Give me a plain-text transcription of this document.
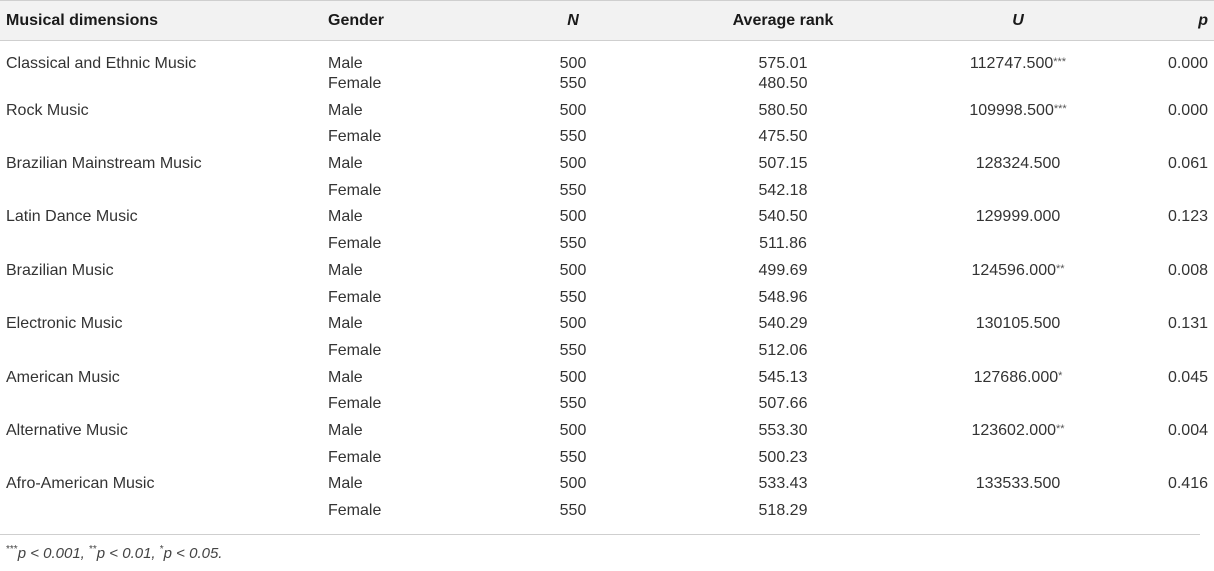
Musical dimensions	Gender	N	Average rank	U	p
Classical and Ethnic Music	Male	500	575.01	112747.500***	0.000
	Female	550	480.50		
Rock Music	Male	500	580.50	109998.500***	0.000
	Female	550	475.50		
Brazilian Mainstream Music	Male	500	507.15	128324.500	0.061
	Female	550	542.18		
Latin Dance Music	Male	500	540.50	129999.000	0.123
	Female	550	511.86		
Brazilian Music	Male	500	499.69	124596.000**	0.008
	Female	550	548.96		
Electronic Music	Male	500	540.29	130105.500	0.131
	Female	550	512.06		
American Music	Male	500	545.13	127686.000*	0.045
	Female	550	507.66		
Alternative Music	Male	500	553.30	123602.000**	0.004
	Female	550	500.23		
Afro-American Music	Male	500	533.43	133533.500	0.416
	Female	550	518.29		
***p < 0.001, **p < 0.01, *p < 0.05.
